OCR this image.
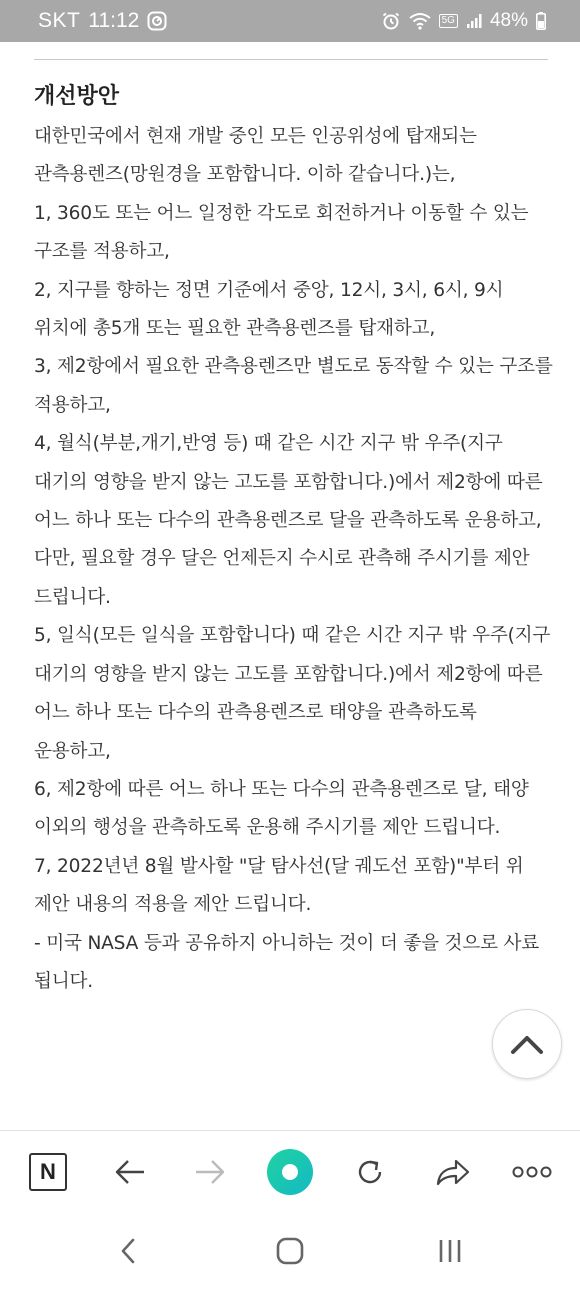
SKT 11:12	5G 48%
개선방안

대한민국에서 현재 개발 중인 모든 인공위성에 탑재되는 관측용렌즈(망원경을 포함합니다. 이하 같습니다.)는,

1, 360도 또는 어느 일정한 각도로 회전하거나 이동할 수 있는 구조를 적용하고,

2, 지구를 향하는 정면 기준에서 중앙, 12시, 3시, 6시, 9시 위치에 총5개 또는 필요한 관측용렌즈를 탑재하고,

3, 제2항에서 필요한 관측용렌즈만 별도로 동작할 수 있는 구조를 적용하고,

4, 월식(부분,개기,반영 등) 때 같은 시간 지구 밖 우주(지구 대기의 영향을 받지 않는 고도를 포함합니다.)에서 제2항에 따른 어느 하나 또는 다수의 관측용렌즈로 달을 관측하도록 운용하고,

다만, 필요할 경우 달은 언제든지 수시로 관측해 주시기를 제안 드립니다.

5, 일식(모든 일식을 포함합니다) 때 같은 시간 지구 밖 우주(지구 대기의 영향을 받지 않는 고도를 포함합니다.)에서 제2항에 따른 어느 하나 또는 다수의 관측용렌즈로 태양을 관측하도록 운용하고,

6, 제2항에 따른 어느 하나 또는 다수의 관측용렌즈로 달, 태양 이외의 행성을 관측하도록 운용해 주시기를 제안 드립니다.

7, 2022년년 8월 발사할 "달 탐사선(달 궤도선 포함)"부터 위 제안 내용의 적용을 제안 드립니다.

- 미국 NASA 등과 공유하지 아니하는 것이 더 좋을 것으로 사료 됩니다.

N
